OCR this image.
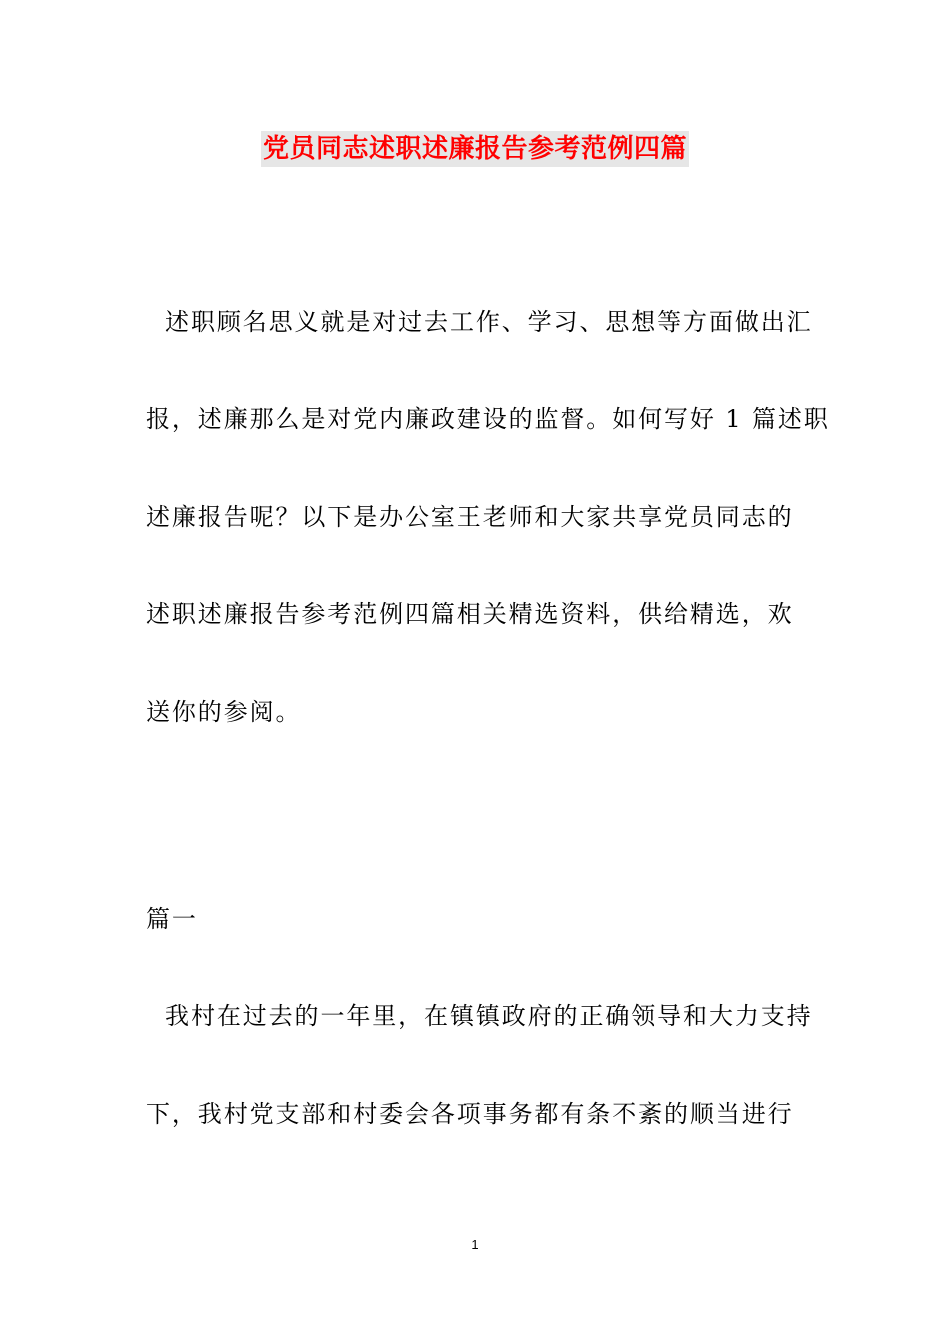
党员同志述职述廉报告参考范例四篇
述职顾名思义就是对过去工作、学习、思想等方面做出汇
报，述廉那么是对党内廉政建设的监督。如何写好 1 篇述职
述廉报告呢？以下是办公室王老师和大家共享党员同志的
述职述廉报告参考范例四篇相关精选资料，供给精选，欢
送你的参阅。
篇一
我村在过去的一年里，在镇镇政府的正确领导和大力支持
下，我村党支部和村委会各项事务都有条不紊的顺当进行
1
